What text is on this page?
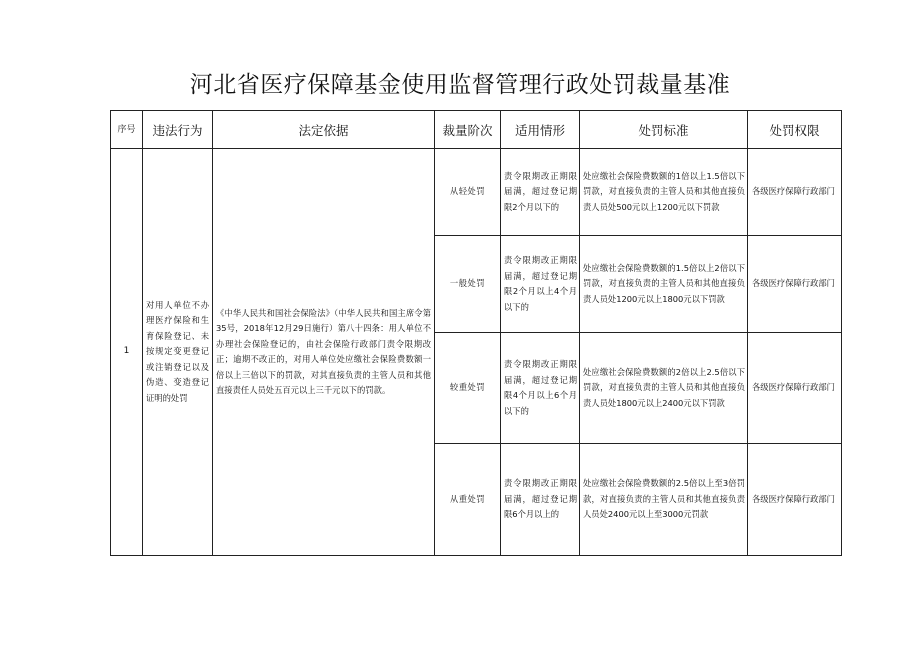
河北省医疗保障基金使用监督管理行政处罚裁量基准
序号	违法行为	法定依据	裁量阶次	适用情形	处罚标准	处罚权限
1	对用人单位不办理医疗保险和生育保险登记、未按规定变更登记或注销登记以及伪造、变造登记证明的处罚	《中华人民共和国社会保险法》（中华人民共和国主席令第35号，2018年12月29日施行）第八十四条：用人单位不办理社会保险登记的，由社会保险行政部门责令限期改正；逾期不改正的，对用人单位处应缴社会保险费数额一倍以上三倍以下的罚款，对其直接负责的主管人员和其他直接责任人员处五百元以上三千元以下的罚款。	从轻处罚	责令限期改正期限届满，超过登记期限2个月以下的	处应缴社会保险费数额的1倍以上1.5倍以下罚款，对直接负责的主管人员和其他直接负责人员处500元以上1200元以下罚款	各级医疗保障行政部门
			一般处罚	责令限期改正期限届满，超过登记期限2个月以上4个月以下的	处应缴社会保险费数额的1.5倍以上2倍以下罚款，对直接负责的主管人员和其他直接负责人员处1200元以上1800元以下罚款	各级医疗保障行政部门
			较重处罚	责令限期改正期限届满，超过登记期限4个月以上6个月以下的	处应缴社会保险费数额的2倍以上2.5倍以下罚款，对直接负责的主管人员和其他直接负责人员处1800元以上2400元以下罚款	各级医疗保障行政部门
			从重处罚	责令限期改正期限届满，超过登记期限6个月以上的	处应缴社会保险费数额的2.5倍以上至3倍罚款，对直接负责的主管人员和其他直接负责人员处2400元以上至3000元罚款	各级医疗保障行政部门
